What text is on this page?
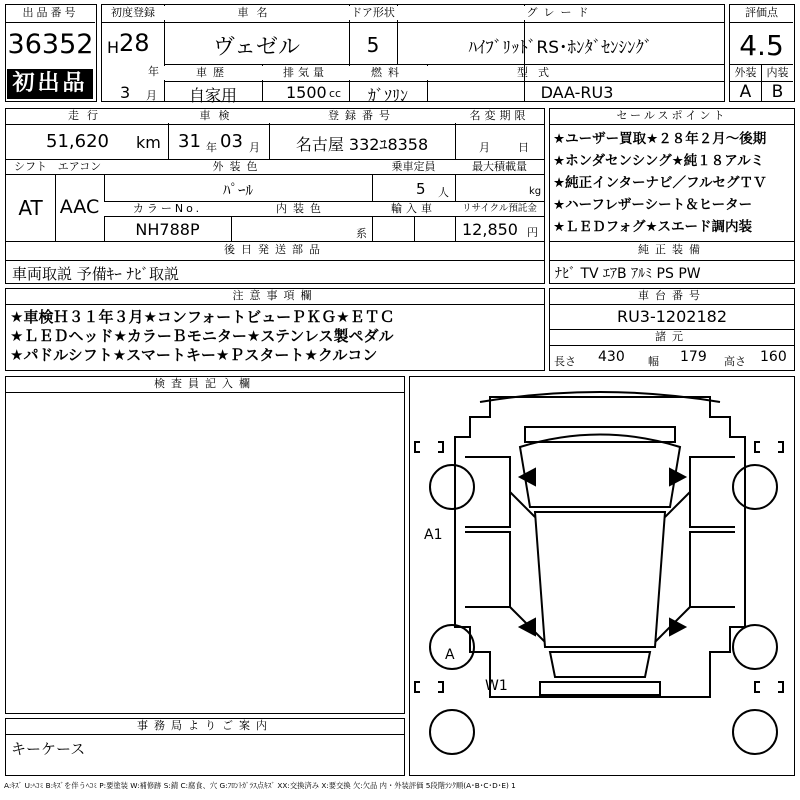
出品番号
36352
初出品
初度登録
H 28
年
3 月
車名
ヴェゼル
ドア形状
5
グレード
ﾊｲﾌﾞﾘｯﾄﾞRS･ﾎﾝﾀﾞｾﾝｼﾝｸﾞ
車歴
自家用
排気量
1500 cc
燃料
ｶﾞｿﾘﾝ
型式
DAA-RU3
評価点
4.5
外装 内装
A	B
走行
51,620 km
車検
31 年 03 月
登録番号
名古屋 332ﾕ8358
名変期限
月	日
シフト
AT
エアコン
AAC
外装色
ﾊﾟｰﾙ
乗車定員
5 人
最大積載量
kg
カラーNo.
NH788P
内装色
系
輸入車	リサイクル預託金
12,850 円
後日発送部品
車両取説 予備ｷｰ ﾅﾋﾞ取説
セールスポイント
★ユーザー買取★２８年２月～後期
★ホンダセンシング★純１８アルミ
★純正インターナビ／フルセグＴＶ
★ハーフレザーシート＆ヒーター
★ＬＥＤフォグ★スエード調内装
純正装備
ﾅﾋﾞ TV ｴｱB ｱﾙﾐ PS PW
注意事項欄
★車検Ｈ３１年３月★コンフォートビューＰＫＧ★ＥＴＣ
★ＬＥＤヘッド★カラーＢモニター★ステンレス製ペダル
★パドルシフト★スマートキー★Ｐスタート★クルコン
車台番号
RU3-1202182
諸元
長さ 430 幅 179 高さ 160
検査員記入欄
事務局よりご案内
キーケース
A1
A
W1
A:ｷｽﾞ U:ﾍｺﾐ B:ｷｽﾞを伴うﾍｺﾐ P:要塗装 W:補修跡 S:錆 C:腐食、穴 G:ﾌﾛﾝﾄｶﾞﾗｽ点ｷｽﾞ XX:交換済み X:要交換 欠:欠品 内・外装評価 5段階ﾗﾝｸ順(A･B･C･D･E) 1
